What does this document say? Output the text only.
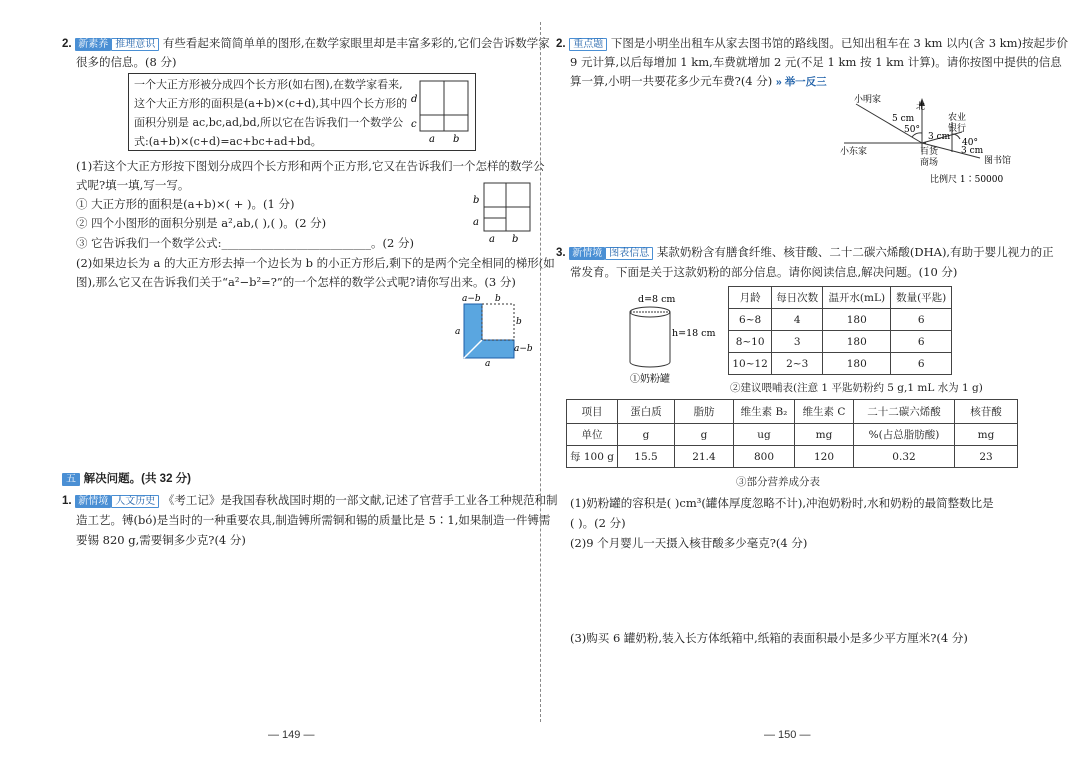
2. 新素养 推理意识 有些看起来简简单单的图形,在数学家眼里却是丰富多彩的,它们会告诉数学家
很多的信息。(8 分)
一个大正方形被分成四个长方形(如右图),在数学家看来,
这个大正方形的面积是(a+b)×(c+d),其中四个长方形的
面积分别是 ac,bc,ad,bd,所以它在告诉我们一个数学公
式:(a+b)×(c+d)=ac+bc+ad+bd。
d
c
a b
(1)若这个大正方形按下图划分成四个长方形和两个正方形,它又在告诉我们一个怎样的数学公
式呢?填一填,写一写。
① 大正方形的面积是(a+b)×( + )。(1 分)
② 四个小图形的面积分别是 a²,ab,( ),( )。(2 分)
③ 它告诉我们一个数学公式:__________________________。(2 分)
b
a
a b
(2)如果边长为 a 的大正方形去掉一个边长为 b 的小正方形后,剩下的是两个完全相同的梯形(如
图),那么它又在告诉我们关于“a²−b²=?”的一个怎样的数学公式呢?请你写出来。(3 分)
a−b b
b
a
a
a−b
五 解决问题。(共 32 分)
1. 新情境 人文历史 《考工记》是我国春秋战国时期的一部文献,记述了官营手工业各工种规范和制
造工艺。镈(bó)是当时的一种重要农具,制造镈所需铜和锡的质量比是 5∶1,如果制造一件镈需
要锡 820 g,需要铜多少克?(4 分)
— 149 —
2. 重点题 下图是小明坐出租车从家去图书馆的路线图。已知出租车在 3 km 以内(含 3 km)按起步价
9 元计算,以后每增加 1 km,车费就增加 2 元(不足 1 km 按 1 km 计算)。请你按图中提供的信息
算一算,小明一共要花多少元车费?(4 分) » 举一反三
小明家
北
农业
银行
5 cm
50°
3 cm
40°
3 cm
小东家	百货
商场	图书馆
比例尺 1∶50000
3. 新情境 图表信息 某款奶粉含有膳食纤维、核苷酸、二十二碳六烯酸(DHA),有助于婴儿视力的正
常发育。下面是关于这款奶粉的部分信息。请你阅读信息,解决问题。(10 分)
d=8 cm
h=18 cm
①奶粉罐
月龄	每日次数	温开水(mL)	数量(平匙)
6~8	4	180	6
8~10	3	180	6
10~12	2~3	180	6
②建议喂哺表(注意 1 平匙奶粉约 5 g,1 mL 水为 1 g)
项目	蛋白质	脂肪	维生素 B₂	维生素 C	二十二碳六烯酸	核苷酸
单位	g	g	ug	mg	%(占总脂肪酸)	mg
每 100 g	15.5	21.4	800	120	0.32	23
③部分营养成分表
(1)奶粉罐的容积是( )cm³(罐体厚度忽略不计),冲泡奶粉时,水和奶粉的最简整数比是
( )。(2 分)
(2)9 个月婴儿一天摄入核苷酸多少毫克?(4 分)
(3)购买 6 罐奶粉,装入长方体纸箱中,纸箱的表面积最小是多少平方厘米?(4 分)
— 150 —
